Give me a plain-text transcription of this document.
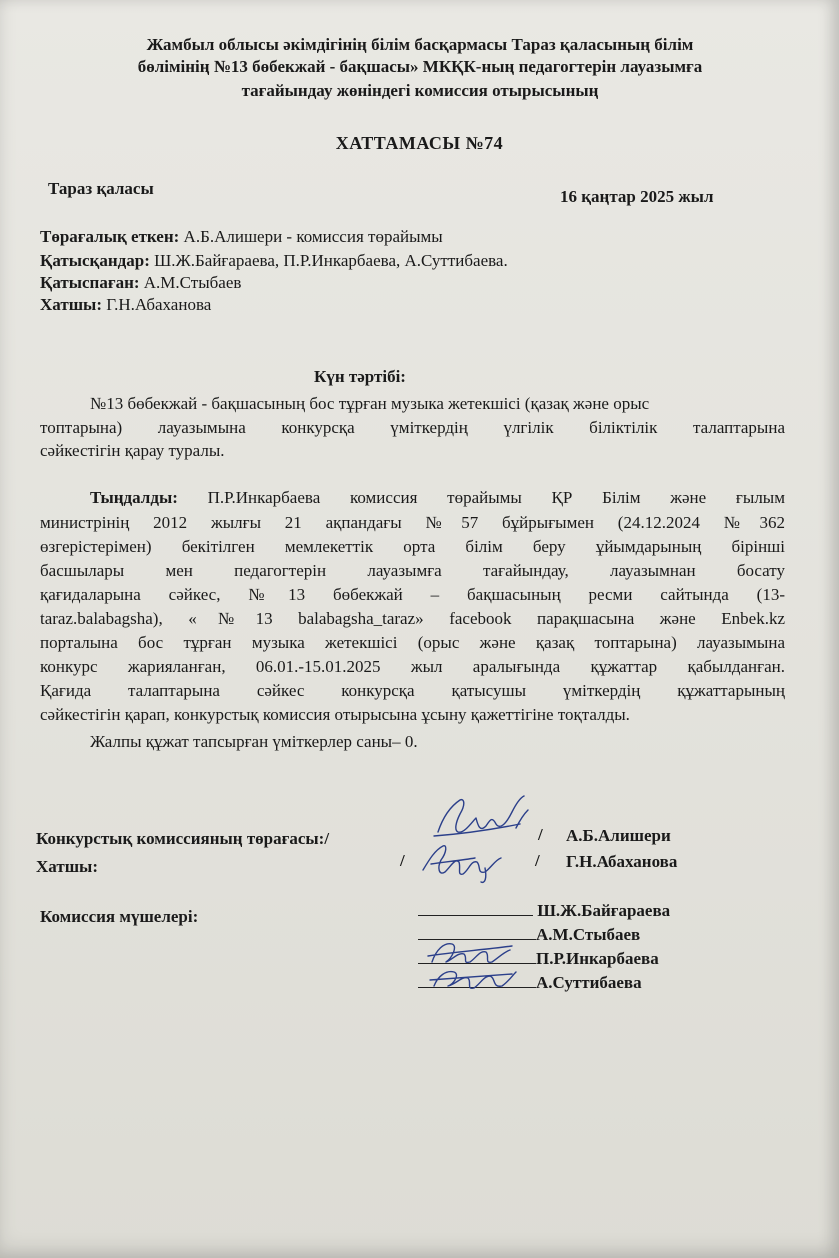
Жамбыл облысы әкімдігінің білім басқармасы Тараз қаласының білім
бөлімінің №13 бөбекжай - бақшасы» МКҚК-ның педагогтерін лауазымға
тағайындау жөніндегі комиссия отырысының
ХАТТАМАСЫ №74
Тараз қаласы	16 қаңтар 2025 жыл
Төрағалық еткен: А.Б.Алишери - комиссия төрайымы
Қатысқандар: Ш.Ж.Байғараева, П.Р.Инкарбаева, А.Суттибаева.
Қатыспаған: А.М.Стыбаев
Хатшы: Г.Н.Абаханова
Күн тәртібі:
№13 бөбекжай - бақшасының бос тұрған музыка жетекшісі (қазақ және орыс
топтарына) лауазымына конкурсқа үміткердің үлгілік біліктілік талаптарына
сәйкестігін қарау туралы.
Тыңдалды: П.Р.Инкарбаева комиссия төрайымы ҚР Білім және ғылым
министрінің 2012 жылғы 21 ақпандағы №57 бұйрығымен (24.12.2024 №362
өзгерістерімен) бекітілген мемлекеттік орта білім беру ұйымдарының бірінші
басшылары мен педагогтерін лауазымға тағайындау, лауазымнан босату
қағидаларына сәйкес, №13 бөбекжай – бақшасының ресми сайтында (13-
taraz.balabagsha), «№13 balabagsha_taraz» facebook парақшасына және Enbek.kz
порталына бос тұрған музыка жетекшісі (орыс және қазақ топтарына) лауазымына
конкурс жарияланған, 06.01.-15.01.2025 жыл аралығында құжаттар қабылданған.
Қағида талаптарына сәйкес конкурсқа қатысушы үміткердің құжаттарының
сәйкестігін қарап, конкурстық комиссия отырысына ұсыну қажеттігіне тоқталды.
Жалпы құжат тапсырған үміткерлер саны– 0.
Конкурстық комиссияның төрағасы:/	/ А.Б.Алишери
Хатшы:	/	/ Г.Н.Абаханова
Комиссия мүшелері:	Ш.Ж.Байғараева
А.М.Стыбаев
П.Р.Инкарбаева
А.Суттибаева
